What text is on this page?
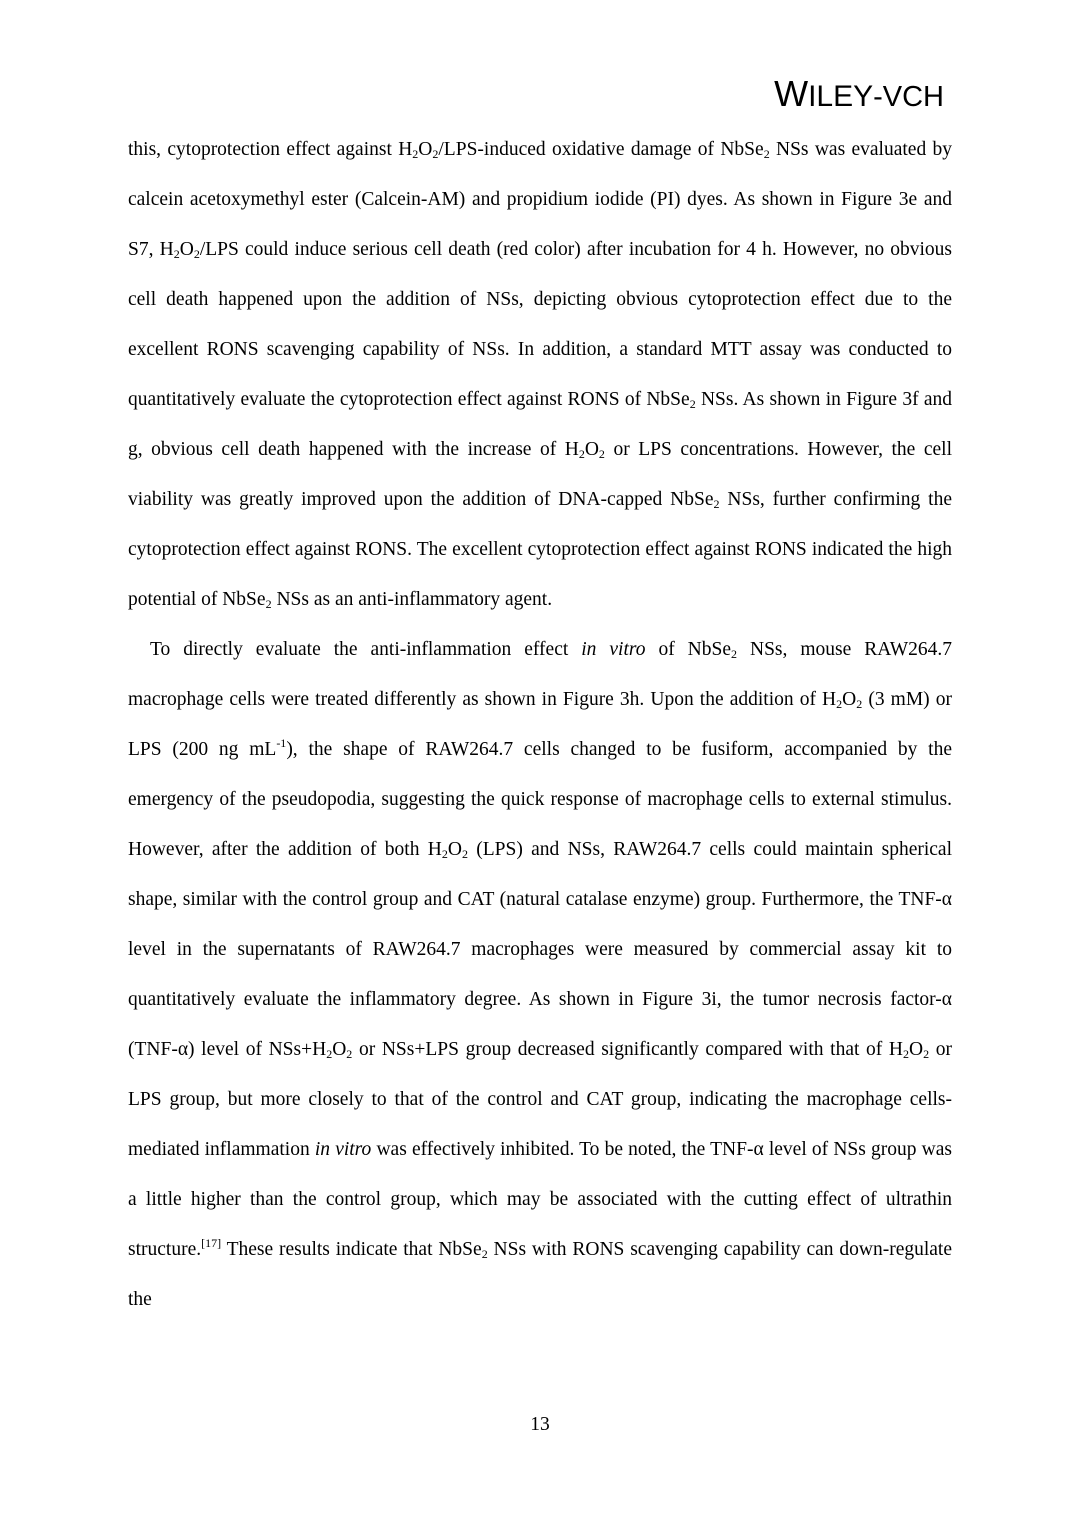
WILEY-VCH

this, cytoprotection effect against $H_2O_2/LPS$-induced oxidative damage of NbSe$_2$ NSs was evaluated by calcein acetoxymethyl ester (Calcein-AM) and propidium iodide (PI) dyes. As shown in Figure 3e and S7, $H_2O_2$/LPS could induce serious cell death (red color) after incubation for 4 h. However, no obvious cell death happened upon the addition of NSs, depicting obvious cytoprotection effect due to the excellent RONS scavenging capability of NSs. In addition, a standard MTT assay was conducted to quantitatively evaluate the cytoprotection effect against RONS of NbSe$_2$ NSs. As shown in Figure 3f and g, obvious cell death happened with the increase of $H_2O_2$ or LPS concentrations. However, the cell viability was greatly improved upon the addition of DNA-capped NbSe$_2$ NSs, further confirming the cytoprotection effect against RONS. The excellent cytoprotection effect against RONS indicated the high potential of NbSe$_2$ NSs as an anti-inflammatory agent.

To directly evaluate the anti-inflammation effect in vitro of NbSe$_2$ NSs, mouse RAW264.7 macrophage cells were treated differently as shown in Figure 3h. Upon the addition of $H_2O_2$ (3 mM) or LPS (200 ng $mL^{-1}$), the shape of RAW264.7 cells changed to be fusiform, accompanied by the emergency of the pseudopodia, suggesting the quick response of macrophage cells to external stimulus. However, after the addition of both $H_2O_2$ (LPS) and NSs, RAW264.7 cells could maintain spherical shape, similar with the control group and CAT (natural catalase enzyme) group. Furthermore, the TNF-α level in the supernatants of RAW264.7 macrophages were measured by commercial assay kit to quantitatively evaluate the inflammatory degree. As shown in Figure 3i, the tumor necrosis factor-α (TNF-α) level of $NSs+H_2O_2$ or NSs+LPS group decreased significantly compared with that of $H_2O_2$ or LPS group, but more closely to that of the control and CAT group, indicating the macrophage cells-mediated inflammation in vitro was effectively inhibited. To be noted, the TNF-α level of NSs group was a little higher than the control group, which may be associated with the cutting effect of ultrathin structure.[17] These results indicate that NbSe$_2$ NSs with RONS scavenging capability can down-regulate the

13
